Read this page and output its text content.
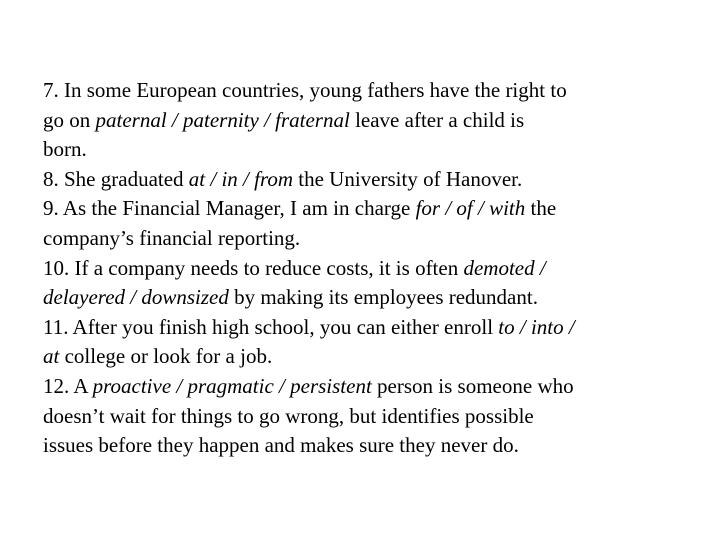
7. In some European countries, young fathers have the right to
go on paternal / paternity / fraternal leave after a child is
born.
8. She graduated at / in / from the University of Hanover.
9. As the Financial Manager, I am in charge for / of / with the
company’s financial reporting.
10. If a company needs to reduce costs, it is often demoted /
delayered / downsized by making its employees redundant.
11. After you finish high school, you can either enroll to / into /
at college or look for a job.
12. A proactive / pragmatic / persistent person is someone who
doesn’t wait for things to go wrong, but identifies possible
issues before they happen and makes sure they never do.
